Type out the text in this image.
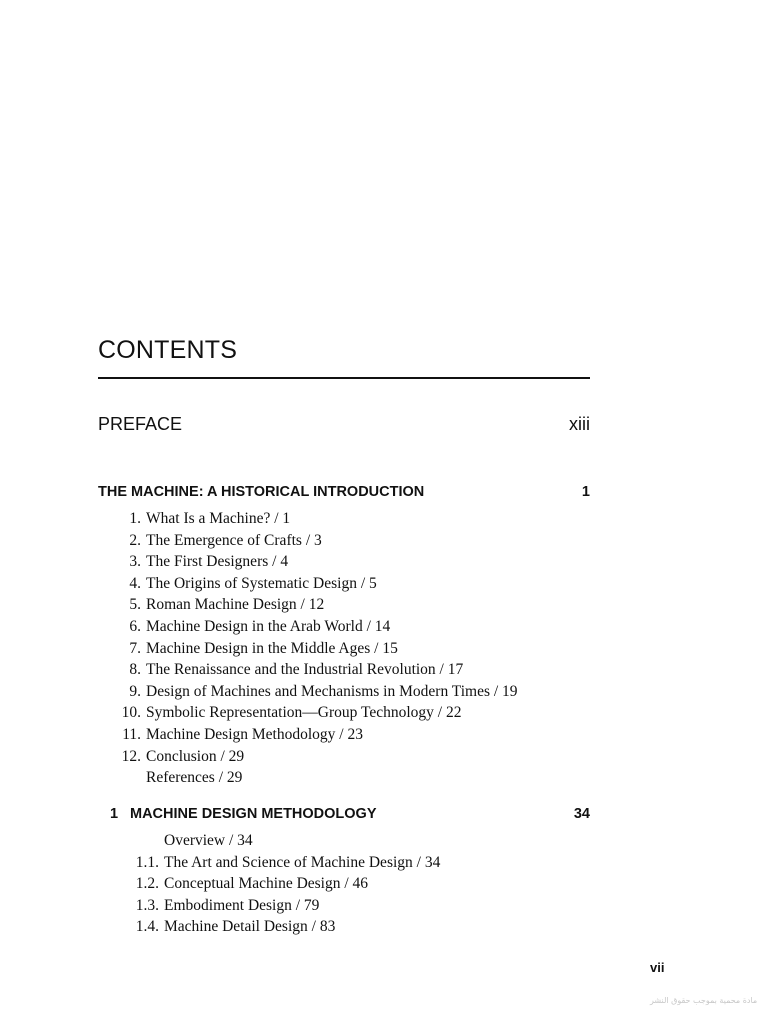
CONTENTS
PREFACE	xiii
THE MACHINE: A HISTORICAL INTRODUCTION	1
1. What Is a Machine? / 1
2. The Emergence of Crafts / 3
3. The First Designers / 4
4. The Origins of Systematic Design / 5
5. Roman Machine Design / 12
6. Machine Design in the Arab World / 14
7. Machine Design in the Middle Ages / 15
8. The Renaissance and the Industrial Revolution / 17
9. Design of Machines and Mechanisms in Modern Times / 19
10. Symbolic Representation—Group Technology / 22
11. Machine Design Methodology / 23
12. Conclusion / 29
References / 29
1 MACHINE DESIGN METHODOLOGY	34
Overview / 34
1.1. The Art and Science of Machine Design / 34
1.2. Conceptual Machine Design / 46
1.3. Embodiment Design / 79
1.4. Machine Detail Design / 83
vii
مادة محمية بموجب حقوق النشر
